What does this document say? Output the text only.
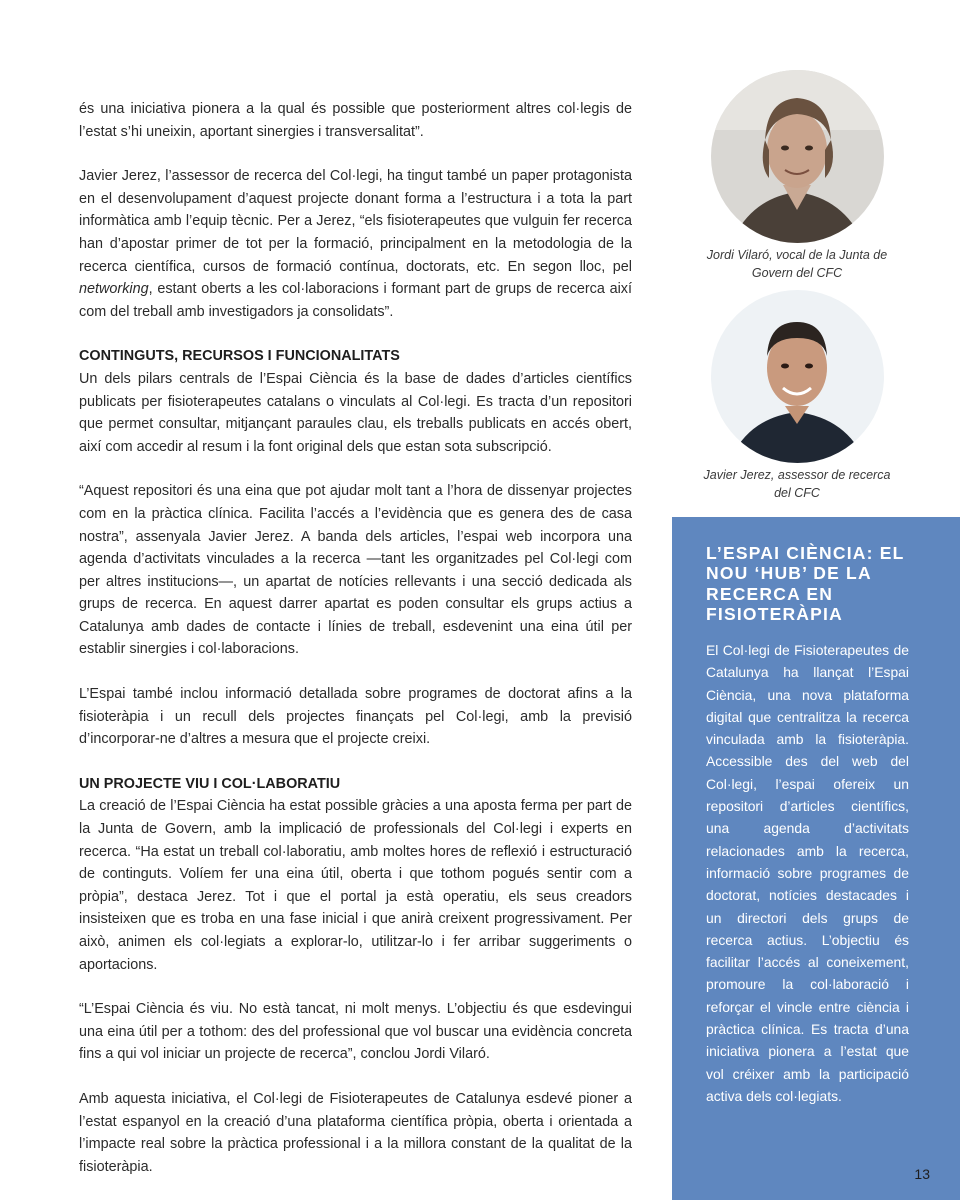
és una iniciativa pionera a la qual és possible que posteriorment altres col·legis de l’estat s’hi uneixin, aportant sinergies i transversalitat”.

Javier Jerez, l’assessor de recerca del Col·legi, ha tingut també un paper protagonista en el desenvolupament d’aquest projecte donant forma a l’estructura i a tota la part informàtica amb l’equip tècnic. Per a Jerez, “els fisioterapeutes que vulguin fer recerca han d’apostar primer de tot per la formació, principalment en la metodologia de la recerca científica, cursos de formació contínua, doctorats, etc. En segon lloc, pel networking, estant oberts a les col·laboracions i formant part de grups de recerca així com del treball amb investigadors ja consolidats”.

CONTINGUTS, RECURSOS I FUNCIONALITATS

Un dels pilars centrals de l’Espai Ciència és la base de dades d’articles científics publicats per fisioterapeutes catalans o vinculats al Col·legi. Es tracta d’un repositori que permet consultar, mitjançant paraules clau, els treballs publicats en accés obert, així com accedir al resum i la font original dels que estan sota subscripció.

“Aquest repositori és una eina que pot ajudar molt tant a l’hora de dissenyar projectes com en la pràctica clínica. Facilita l’accés a l’evidència que es genera des de casa nostra”, assenyala Javier Jerez. A banda dels articles, l’espai web incorpora una agenda d’activitats vinculades a la recerca —tant les organitzades pel Col·legi com per altres institucions—, un apartat de notícies rellevants i una secció dedicada als grups de recerca. En aquest darrer apartat es poden consultar els grups actius a Catalunya amb dades de contacte i línies de treball, esdevenint una eina útil per establir sinergies i col·laboracions.

L’Espai també inclou informació detallada sobre programes de doctorat afins a la fisioteràpia i un recull dels projectes finançats pel Col·legi, amb la previsió d’incorporar-ne d’altres a mesura que el projecte creixi.

UN PROJECTE VIU I COL·LABORATIU

La creació de l’Espai Ciència ha estat possible gràcies a una aposta ferma per part de la Junta de Govern, amb la implicació de professionals del Col·legi i experts en recerca. “Ha estat un treball col·laboratiu, amb moltes hores de reflexió i estructuració de continguts. Volíem fer una eina útil, oberta i que tothom pogués sentir com a pròpia”, destaca Jerez. Tot i que el portal ja està operatiu, els seus creadors insisteixen que es troba en una fase inicial i que anirà creixent progressivament. Per això, animen els col·legiats a explorar-lo, utilitzar-lo i fer arribar suggeriments o aportacions.

“L’Espai Ciència és viu. No està tancat, ni molt menys. L’objectiu és que esdevingui una eina útil per a tothom: des del professional que vol buscar una evidència concreta fins a qui vol iniciar un projecte de recerca”, conclou Jordi Vilaró.

Amb aquesta iniciativa, el Col·legi de Fisioterapeutes de Catalunya esdevé pioner a l’estat espanyol en la creació d’una plataforma científica pròpia, oberta i orientada a l’impacte real sobre la pràctica professional i a la millora constant de la qualitat de la fisioteràpia.

Jordi Vilaró, vocal de la Junta de Govern del CFC
Javier Jerez, assessor de recerca del CFC
L’ESPAI CIÈNCIA: EL NOU ‘HUB’ DE LA RECERCA EN FISIOTERÀPIA

El Col·legi de Fisioterapeutes de Catalunya ha llançat l’Espai Ciència, una nova plataforma digital que centralitza la recerca vinculada amb la fisioteràpia. Accessible des del web del Col·legi, l’espai ofereix un repositori d’articles científics, una agenda d’activitats relacionades amb la recerca, informació sobre programes de doctorat, notícies destacades i un directori dels grups de recerca actius. L’objectiu és facilitar l’accés al coneixement, promoure la col·laboració i reforçar el vincle entre ciència i pràctica clínica. Es tracta d’una iniciativa pionera a l’estat que vol créixer amb la participació activa dels col·legiats.

13
